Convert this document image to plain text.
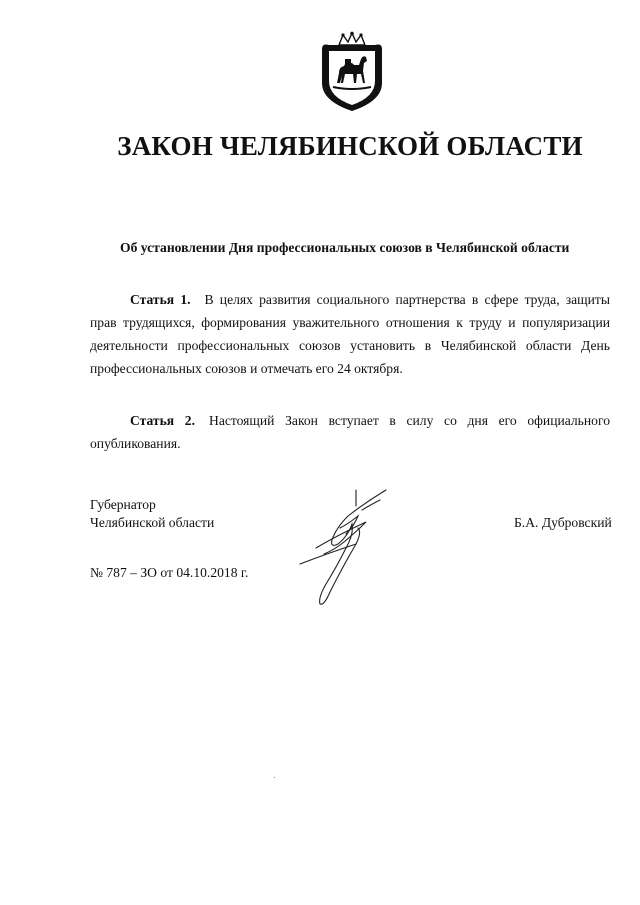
ЗАКОН ЧЕЛЯБИНСКОЙ ОБЛАСТИ
Об установлении Дня профессиональных союзов в Челябинской области
Статья 1. В целях развития социального партнерства в сфере труда, защиты прав трудящихся, формирования уважительного отношения к труду и популяризации деятельности профессиональных союзов установить в Челябинской области День профессиональных союзов и отмечать его 24 октября.
Статья 2. Настоящий Закон вступает в силу со дня его официального опубликования.
Губернатор
Челябинской области	Б.А. Дубровский
№ 787 – ЗО от 04.10.2018 г.
